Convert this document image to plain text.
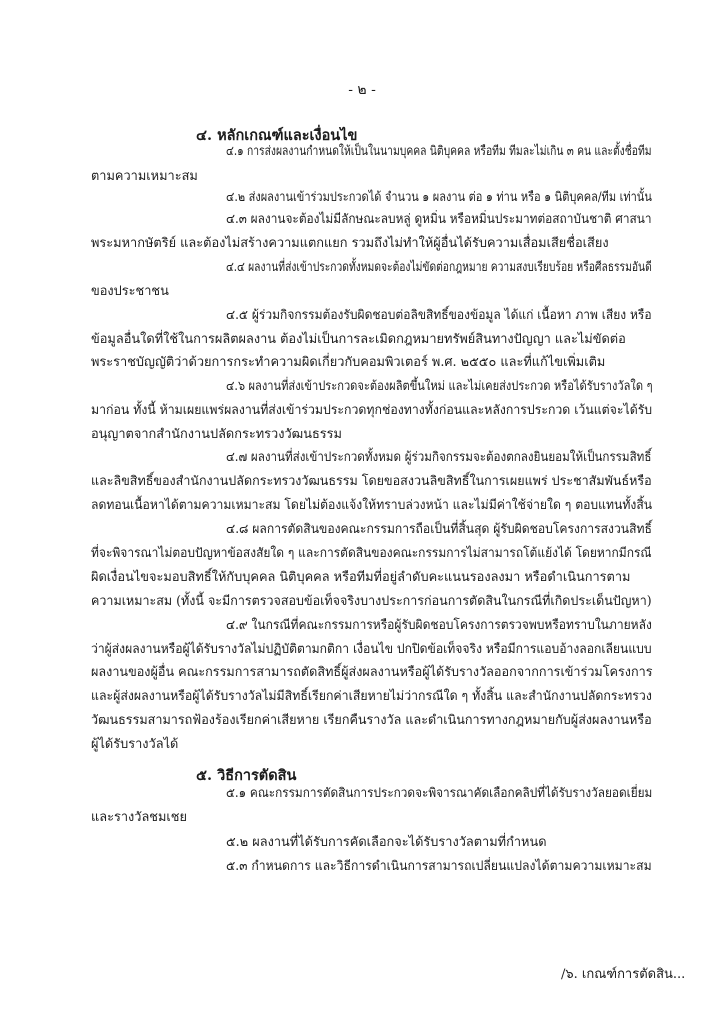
- ๒ -
๔. หลักเกณฑ์และเงื่อนไข
๔.๑ การส่งผลงานกำหนดให้เป็นในนามบุคคล นิติบุคคล หรือทีม ทีมละไม่เกิน ๓ คน และตั้งชื่อทีม
ตามความเหมาะสม
๔.๒ ส่งผลงานเข้าร่วมประกวดได้ จำนวน ๑ ผลงาน ต่อ ๑ ท่าน หรือ ๑ นิติบุคคล/ทีม เท่านั้น
๔.๓ ผลงานจะต้องไม่มีลักษณะลบหลู่ ดูหมิ่น หรือหมิ่นประมาทต่อสถาบันชาติ ศาสนา
พระมหากษัตริย์ และต้องไม่สร้างความแตกแยก รวมถึงไม่ทำให้ผู้อื่นได้รับความเสื่อมเสียชื่อเสียง
๔.๔ ผลงานที่ส่งเข้าประกวดทั้งหมดจะต้องไม่ขัดต่อกฎหมาย ความสงบเรียบร้อย หรือศีลธรรมอันดี
ของประชาชน
๔.๕ ผู้ร่วมกิจกรรมต้องรับผิดชอบต่อลิขสิทธิ์ของข้อมูล ได้แก่ เนื้อหา ภาพ เสียง หรือ
ข้อมูลอื่นใดที่ใช้ในการผลิตผลงาน ต้องไม่เป็นการละเมิดกฎหมายทรัพย์สินทางปัญญา และไม่ขัดต่อ
พระราชบัญญัติว่าด้วยการกระทำความผิดเกี่ยวกับคอมพิวเตอร์ พ.ศ. ๒๕๕๐ และที่แก้ไขเพิ่มเติม
๔.๖ ผลงานที่ส่งเข้าประกวดจะต้องผลิตขึ้นใหม่ และไม่เคยส่งประกวด หรือได้รับรางวัลใด ๆ
มาก่อน ทั้งนี้ ห้ามเผยแพร่ผลงานที่ส่งเข้าร่วมประกวดทุกช่องทางทั้งก่อนและหลังการประกวด เว้นแต่จะได้รับ
อนุญาตจากสำนักงานปลัดกระทรวงวัฒนธรรม
๔.๗ ผลงานที่ส่งเข้าประกวดทั้งหมด ผู้ร่วมกิจกรรมจะต้องตกลงยินยอมให้เป็นกรรมสิทธิ์
และลิขสิทธิ์ของสำนักงานปลัดกระทรวงวัฒนธรรม โดยขอสงวนลิขสิทธิ์ในการเผยแพร่ ประชาสัมพันธ์หรือ
ลดทอนเนื้อหาได้ตามความเหมาะสม โดยไม่ต้องแจ้งให้ทราบล่วงหน้า และไม่มีค่าใช้จ่ายใด ๆ ตอบแทนทั้งสิ้น
๔.๘ ผลการตัดสินของคณะกรรมการถือเป็นที่สิ้นสุด ผู้รับผิดชอบโครงการสงวนสิทธิ์
ที่จะพิจารณาไม่ตอบปัญหาข้อสงสัยใด ๆ และการตัดสินของคณะกรรมการไม่สามารถโต้แย้งได้ โดยหากมีกรณี
ผิดเงื่อนไขจะมอบสิทธิ์ให้กับบุคคล นิติบุคคล หรือทีมที่อยู่ลำดับคะแนนรองลงมา หรือดำเนินการตาม
ความเหมาะสม (ทั้งนี้ จะมีการตรวจสอบข้อเท็จจริงบางประการก่อนการตัดสินในกรณีที่เกิดประเด็นปัญหา)
๔.๙ ในกรณีที่คณะกรรมการหรือผู้รับผิดชอบโครงการตรวจพบหรือทราบในภายหลัง
ว่าผู้ส่งผลงานหรือผู้ได้รับรางวัลไม่ปฏิบัติตามกติกา เงื่อนไข ปกปิดข้อเท็จจริง หรือมีการแอบอ้างลอกเลียนแบบ
ผลงานของผู้อื่น คณะกรรมการสามารถตัดสิทธิ์ผู้ส่งผลงานหรือผู้ได้รับรางวัลออกจากการเข้าร่วมโครงการ
และผู้ส่งผลงานหรือผู้ได้รับรางวัลไม่มีสิทธิ์เรียกค่าเสียหายไม่ว่ากรณีใด ๆ ทั้งสิ้น และสำนักงานปลัดกระทรวง
วัฒนธรรมสามารถฟ้องร้องเรียกค่าเสียหาย เรียกคืนรางวัล และดำเนินการทางกฎหมายกับผู้ส่งผลงานหรือ
ผู้ได้รับรางวัลได้
๕. วิธีการตัดสิน
๕.๑ คณะกรรมการตัดสินการประกวดจะพิจารณาคัดเลือกคลิปที่ได้รับรางวัลยอดเยี่ยม
และรางวัลชมเชย
๕.๒ ผลงานที่ได้รับการคัดเลือกจะได้รับรางวัลตามที่กำหนด
๕.๓ กำหนดการ และวิธีการดำเนินการสามารถเปลี่ยนแปลงได้ตามความเหมาะสม
/๖. เกณฑ์การตัดสิน...
